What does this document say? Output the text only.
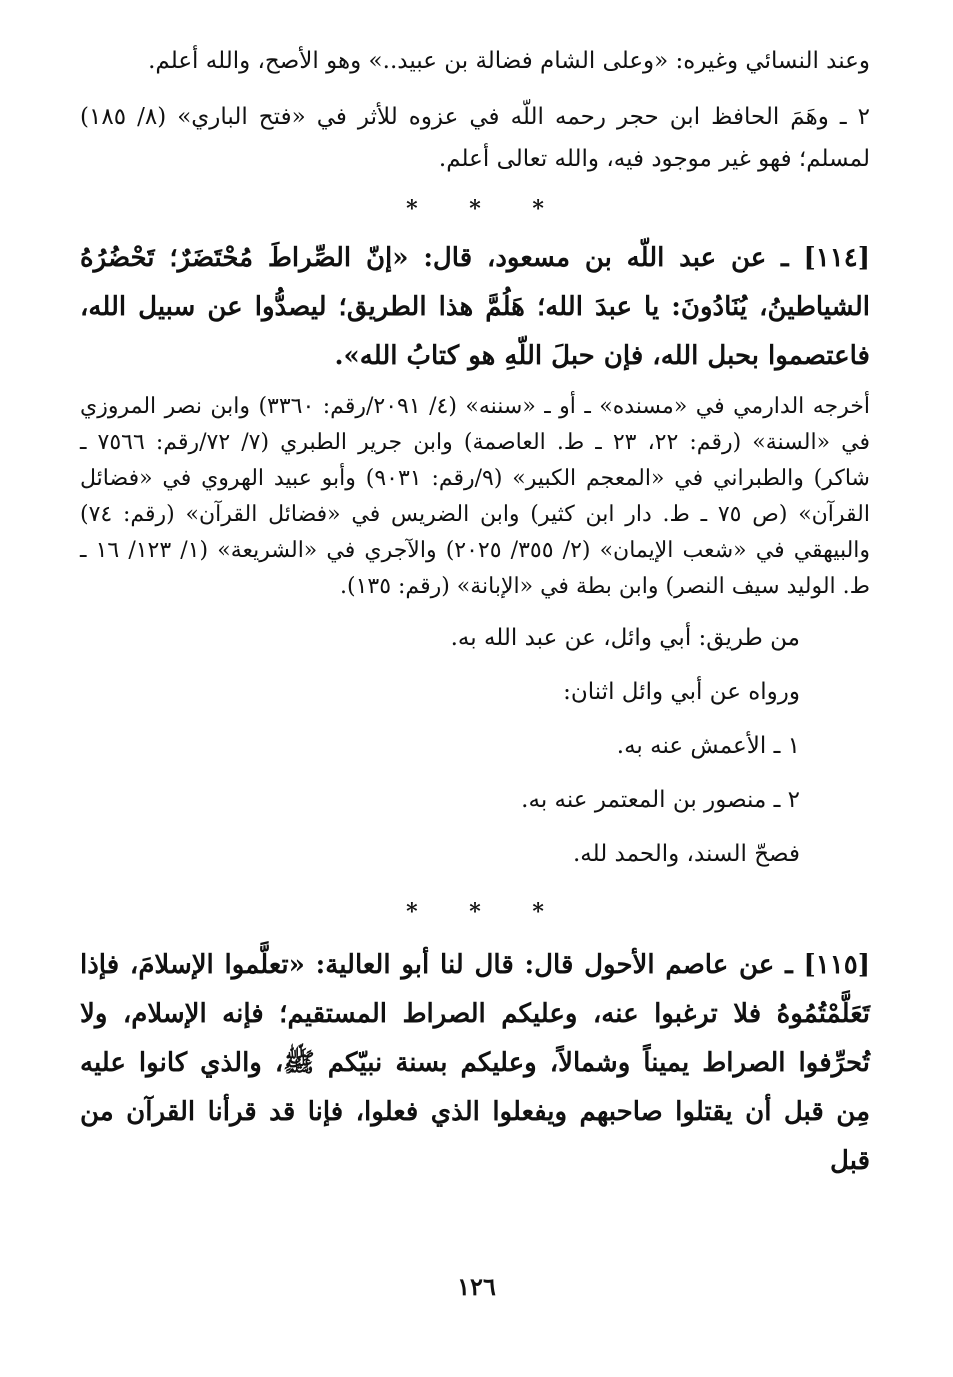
وعند النسائي وغيره: «وعلى الشام فضالة بن عبيد..» وهو الأصح، والله أعلم.

٢ ـ وهَمَ الحافظ ابن حجر رحمه اللّه في عزوه للأثر في «فتح الباري» (٨/ ١٨٥) لمسلم؛ فهو غير موجود فيه، والله تعالى أعلم.

* * *

[١١٤] ـ عن عبد اللّه بن مسعود، قال: «إنّ الصِّراطَ مُحْتَضَرٌ؛ تَحْضُرُهُ الشياطينُ، يُنَادُونَ: يا عبدَ الله؛ هَلُمَّ هذا الطريق؛ ليصدُّوا عن سبيل الله، فاعتصموا بحبل الله، فإن حبلَ اللّهِ هو كتابُ الله».

أخرجه الدارمي في «مسنده» ـ أو ـ «سننه» (٤/ ٢٠٩١/رقم: ٣٣٦٠) وابن نصر المروزي في «السنة» (رقم: ٢٢، ٢٣ ـ ط. العاصمة) وابن جرير الطبري (٧/ ٧٢/رقم: ٧٥٦٦ ـ شاكر) والطبراني في «المعجم الكبير» (٩/رقم: ٩٠٣١) وأبو عبيد الهروي في «فضائل القرآن» (ص ٧٥ ـ ط. دار ابن كثير) وابن الضريس في «فضائل القرآن» (رقم: ٧٤) والبيهقي في «شعب الإيمان» (٢/ ٣٥٥/ ٢٠٢٥) والآجري في «الشريعة» (١/ ١٢٣/ ١٦ ـ ط. الوليد سيف النصر) وابن بطة في «الإبانة» (رقم: ١٣٥).

من طريق: أبي وائل، عن عبد الله به.

ورواه عن أبي وائل اثنان:

١ ـ الأعمش عنه به.

٢ ـ منصور بن المعتمر عنه به.

فصحّ السند، والحمد لله.

* * *

[١١٥] ـ عن عاصم الأحول قال: قال لنا أبو العالية: «تعلَّموا الإسلامَ، فإذا تَعَلَّمْتُمُوهُ فلا ترغبوا عنه، وعليكم الصراط المستقيم؛ فإنه الإسلام، ولا تُحرِّفوا الصراط يميناً وشمالاً، وعليكم بسنة نبيّكم ﷺ، والذي كانوا عليه مِن قبل أن يقتلوا صاحبهم ويفعلوا الذي فعلوا، فإنا قد قرأنا القرآن من قبل

١٢٦
